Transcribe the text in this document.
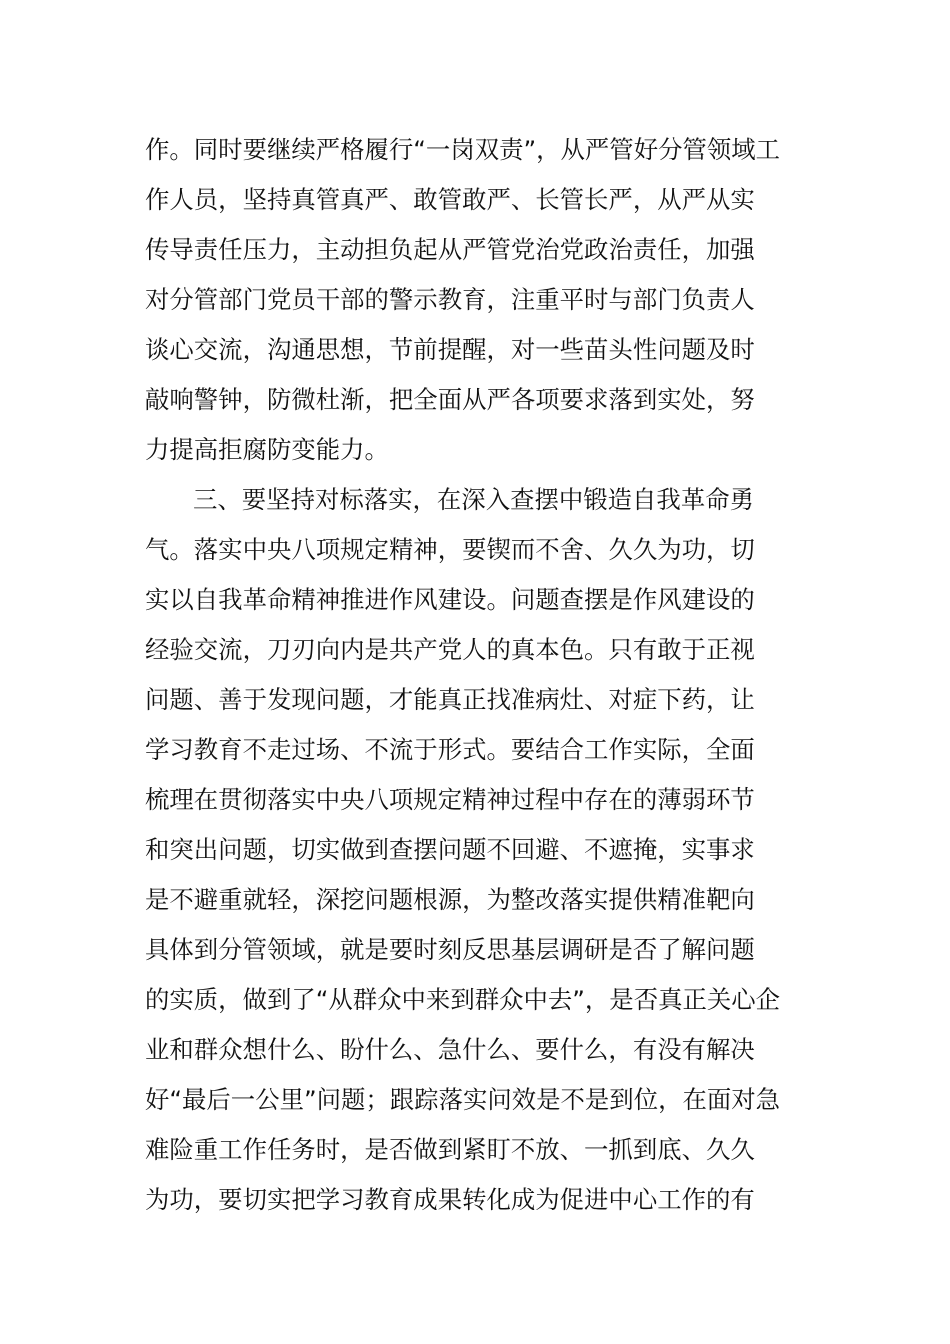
作。同时要继续严格履行“一岗双责”，从严管好分管领域工
作人员，坚持真管真严、敢管敢严、长管长严，从严从实
传导责任压力，主动担负起从严管党治党政治责任，加强
对分管部门党员干部的警示教育，注重平时与部门负责人
谈心交流，沟通思想，节前提醒，对一些苗头性问题及时
敲响警钟，防微杜渐，把全面从严各项要求落到实处，努
力提高拒腐防变能力。
三、要坚持对标落实，在深入查摆中锻造自我革命勇
气。落实中央八项规定精神，要锲而不舍、久久为功，切
实以自我革命精神推进作风建设。问题查摆是作风建设的
经验交流，刀刃向内是共产党人的真本色。只有敢于正视
问题、善于发现问题，才能真正找准病灶、对症下药，让
学习教育不走过场、不流于形式。要结合工作实际，全面
梳理在贯彻落实中央八项规定精神过程中存在的薄弱环节
和突出问题，切实做到查摆问题不回避、不遮掩，实事求
是不避重就轻，深挖问题根源，为整改落实提供精准靶向
具体到分管领域，就是要时刻反思基层调研是否了解问题
的实质，做到了“从群众中来到群众中去”，是否真正关心企
业和群众想什么、盼什么、急什么、要什么，有没有解决
好“最后一公里”问题；跟踪落实问效是不是到位，在面对急
难险重工作任务时，是否做到紧盯不放、一抓到底、久久
为功，要切实把学习教育成果转化成为促进中心工作的有
